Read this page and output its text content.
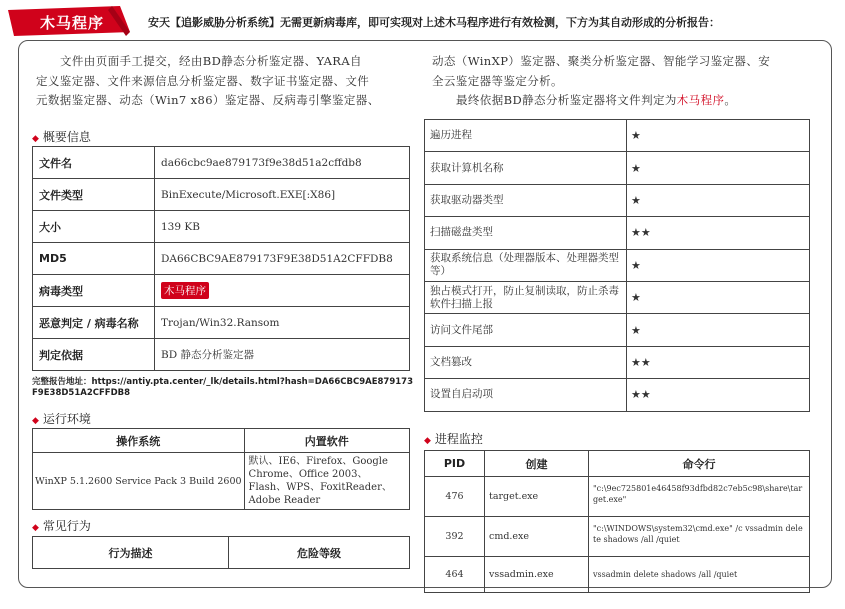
木马程序	安天【追影威胁分析系统】无需更新病毒库，即可实现对上述木马程序进行有效检测，下方为其自动形成的分析报告：
文件由页面手工提交，经由BD静态分析鉴定器、YARA自
定义鉴定器、文件来源信息分析鉴定器、数字证书鉴定器、文件
元数据鉴定器、动态（Win7 x86）鉴定器、反病毒引擎鉴定器、
动态（WinXP）鉴定器、聚类分析鉴定器、智能学习鉴定器、安
全云鉴定器等鉴定分析。
最终依据BD静态分析鉴定器将文件判定为木马程序。
◆ 概要信息
文件名	da66cbc9ae879173f9e38d51a2cffdb8
文件类型	BinExecute/Microsoft.EXE[:X86]
大小	139 KB
MD5	DA66CBC9AE879173F9E38D51A2CFFDB8
病毒类型	木马程序
恶意判定 / 病毒名称	Trojan/Win32.Ransom
判定依据	BD 静态分析鉴定器
完整报告地址：https://antiy.pta.center/_lk/details.html?hash=DA66CBC9AE879173F9E38D51A2CFFDB8
◆ 运行环境
操作系统	内置软件
WinXP 5.1.2600 Service Pack 3 Build 2600	默认、IE6、Firefox、Google Chrome、Office 2003、Flash、WPS、FoxitReader、Adobe Reader
◆ 常见行为
行为描述	危险等级
遍历进程	★
获取计算机名称	★
获取驱动器类型	★
扫描磁盘类型	★★
获取系统信息（处理器版本、处理器类型等）	★
独占模式打开，防止复制读取，防止杀毒软件扫描上报	★
访问文件尾部	★
文档篡改	★★
设置自启动项	★★
◆ 进程监控
PID	创建	命令行
476	target.exe	"c:\9ec725801e46458f93dfbd82c7eb5c98\share\target.exe"
392	cmd.exe	"c:\WINDOWS\system32\cmd.exe" /c vssadmin delete shadows /all /quiet
464	vssadmin.exe	vssadmin delete shadows /all /quiet
